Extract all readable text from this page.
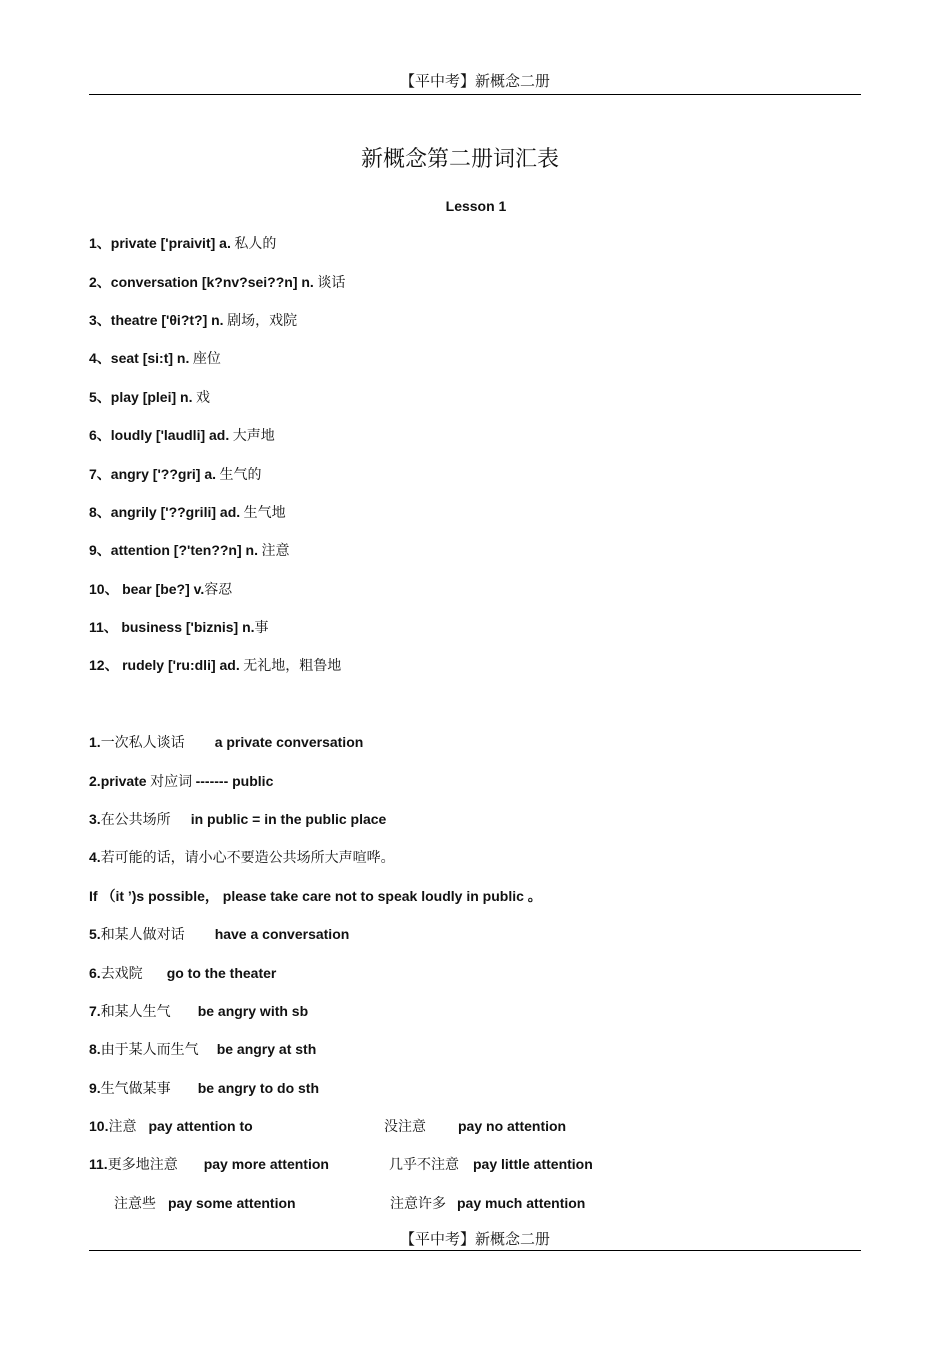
【平中考】新概念二册
新概念第二册词汇表
Lesson 1
1、private ['praivit] a. 私人的
2、conversation [k?nv?sei??n] n. 谈话
3、theatre ['θi?t?] n. 剧场，戏院
4、seat [si:t] n. 座位
5、play [plei] n. 戏
6、loudly ['laudli] ad. 大声地
7、angry ['??gri] a. 生气的
8、angrily ['??grili] ad. 生气地
9、attention [?'ten??n] n. 注意
10、 bear [be?] v.容忍
11、 business ['biznis] n.事
12、 rudely ['ru:dli] ad. 无礼地，粗鲁地
1.一次私人谈话 a private conversation
2.private 对应词 ------- public
3.在公共场所 in public = in the public place
4.若可能的话，请小心不要造公共场所大声喧哗。
If （it ’)s possible， please take care not to speak loudly in public 。
5.和某人做对话 have a conversation
6.去戏院 go to the theater
7.和某人生气 be angry with sb
8.由于某人而生气 be angry at sth
9.生气做某事 be angry to do sth
10.注意 pay attention to	没注意 pay no attention
11.更多地注意 pay more attention	几乎不注意 pay little attention
注意些 pay some attention	注意许多 pay much attention
【平中考】新概念二册
